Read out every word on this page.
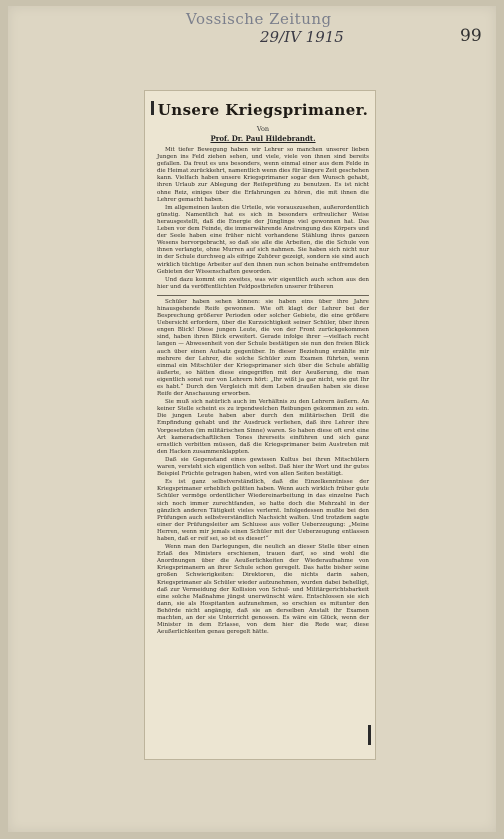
Vossische Zeitung
29/IV 1915	99
Unsere Kriegsprimaner.

Von

Prof. Dr. Paul Hildebrandt.

Mit tiefer Bewegung haben wir Lehrer so manchen unserer lieben Jungen ins Feld ziehen sehen, und viele, viele von ihnen sind bereits gefallen. Da freut es uns besonders, wenn einmal einer aus dem Felde in die Heimat zurückkehrt, namentlich wenn dies für längere Zeit geschehen kann. Vielfach haben unsere Kriegsprimaner sogar den Wunsch gehabt, ihren Urlaub zur Ablegung der Reifeprüfung zu benutzen. Es ist nicht ohne Reiz, einiges über die Erfahrungen zu hören, die mit ihnen die Lehrer gemacht haben.

Im allgemeinen lauten die Urteile, wie vorauszusehen, außerordentlich günstig. Namentlich hat es sich in besonders erfreulicher Weise herausgestellt, daß die Energie der Jünglinge viel gewonnen hat. Das Leben vor dem Feinde, die immerwährende Anstrengung des Körpers und der Seele haben eine früher nicht vorhandene Stählung ihres ganzen Wesens hervorgebracht, so daß sie alle die Arbeiten, die die Schule von ihnen verlangte, ohne Murren auf sich nahmen. Sie haben sich nicht nur in der Schule durchweg als eifrige Zuhörer gezeigt, sondern sie sind auch wirklich tüchtige Arbeiter auf den ihnen nun schon beinahe entfremdeten Gebieten der Wissenschaften geworden.

Und dazu kommt ein zweites, was wir eigentlich auch schon aus den hier und da veröffentlichten Feldpostbriefen unserer früheren

Schüler haben sehen können: sie haben eins über ihre Jahre hinausgehende Reife gewonnen. Wie oft klagt der Lehrer bei der Besprechung größerer Perioden oder solcher Gebiete, die eine größere Uebersicht erfordern, über die Kurzsichtigkeit seiner Schüler, über ihren engen Blick! Diese jungen Leute, die von der Front zurückgekommen sind, haben ihren Blick erweitert. Gerade infolge ihrer —vielfach recht langen — Abwesenheit von der Schule bestätigen sie nun den freien Blick auch über einen Aufsatz gegenüber. In dieser Beziehung erzählte mir mehrere der Lehrer, die solche Schüler zum Examen führten, wenn einmal ein Mitschüler der Kriegsprimaner sich über die Schule abfällig äußerte, so hätten diese eingegriffen mit der Aeußerung, die man eigentlich sonst nur von Lehrern hört: „Ihr wißt ja gar nicht, wie gut Ihr es habt.“ Durch den Vergleich mit dem Leben draußen haben sie diese Reife der Anschauung erworben.

Sie muß sich natürlich auch im Verhältnis zu den Lehrern äußern. An keiner Stelle scheint es zu irgendwelchen Reibungen gekommen zu sein. Die jungen Leute haben aber durch den militärischen Drill die Empfindung gehabt und ihr Ausdruck verliehen, daß ihre Lehrer ihre Vorgesetzten (im militärischen Sinne) waren. So haben diese oft erst eine Art kameradschaftlichen Tones ihrerseits einführen und sich ganz ernstlich verbitten müssen, daß die Kriegsprimaner beim Austreten mit den Hacken zusammenklappten.

Daß sie Gegenstand eines gewissen Kultus bei ihren Mitschülern waren, versteht sich eigentlich von selbst. Daß hier ihr Wort und ihr gutes Beispiel Früchte getragen haben, wird von allen Seiten bestätigt.

Es ist ganz selbstverständlich, daß die Einzelkenntnisse der Kriegsprimaner erheblich gelitten haben. Wenn auch wirklich früher gute Schüler vermöge ordentlicher Wiedereinarbeitung in das einzelne Fach sich noch immer zurechtfanden, so hatte doch die Mehrzahl in der gänzlich anderen Tätigkeit vieles verlernt. Infolgedessen mußte bei den Prüfungen auch selbstverständlich Nachsicht walten. Und trotzdem sagte einer der Prüfungsleiter am Schlusse aus voller Ueberzeugung: „Meine Herren, wenn mir jemals einen Schüler mit der Ueberzeugung entlassen haben, daß er reif sei, so ist es dieser!“

Wenn man den Darlegungen, die neulich an dieser Stelle über einen Erlaß des Ministers erschienen, trauen darf, so sind wohl die Anordnungen über die Aeußerlichkeiten der Wiederaufnahme von Kriegsprimanern an ihrer Schule schon geregelt. Das hatte bisher seine großen Schwierigkeiten: Direktoren, die nichts darin sahen, Kriegsprimaner als Schüler wieder aufzunehmen, wurden dabei behelligt, daß zur Vermeidung der Kollision von Schul- und Militärgerichtsbarkeit eine solche Maßnahme jüngst unerwünscht wäre. Entschlossen sie sich dann, sie als Hospitanten aufzunehmen, so erschien es mitunter den Behörde nicht angängig, daß sie an derselben Anstalt ihr Examen machten, an der sie Unterricht genossen. Es wäre ein Glück, wenn der Minister in dem Erlasse, von dem hier die Rede war, diese Aeußerlichkeiten genau geregelt hätte.
